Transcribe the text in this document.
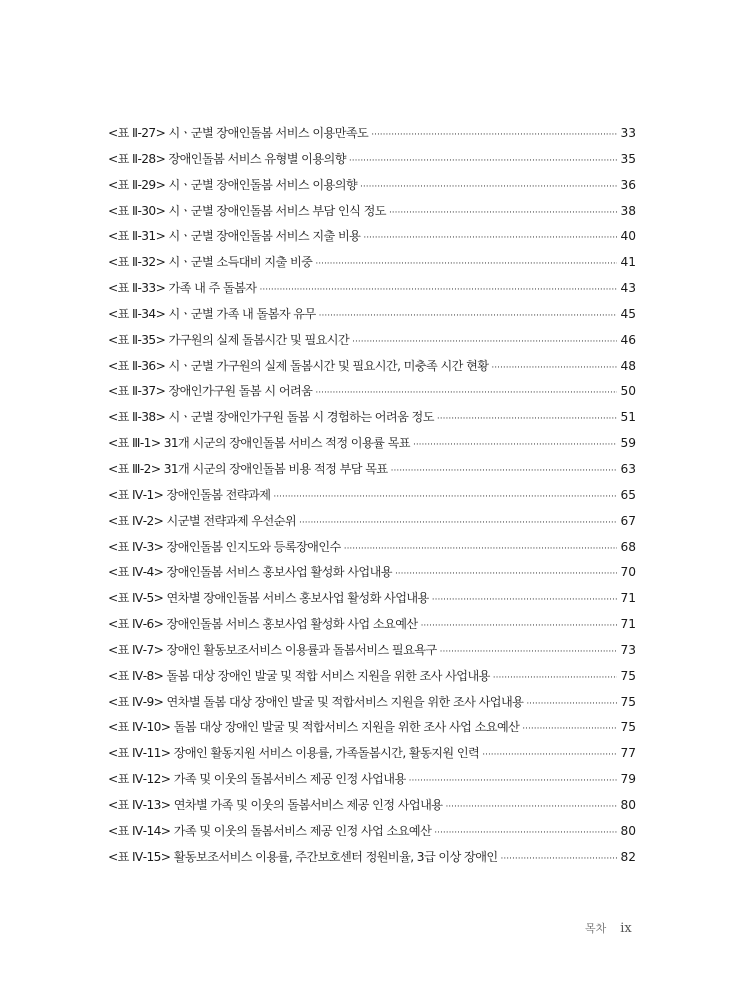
<표 Ⅱ-27> 시ㆍ군별 장애인돌봄 서비스 이용만족도 ·····	33
<표 Ⅱ-28> 장애인돌봄 서비스 유형별 이용의향 ·····	35
<표 Ⅱ-29> 시ㆍ군별 장애인돌봄 서비스 이용의향 ·····	36
<표 Ⅱ-30> 시ㆍ군별 장애인돌봄 서비스 부담 인식 정도 ·····	38
<표 Ⅱ-31> 시ㆍ군별 장애인돌봄 서비스 지출 비용 ·····	40
<표 Ⅱ-32> 시ㆍ군별 소득대비 지출 비중 ·····	41
<표 Ⅱ-33> 가족 내 주 돌봄자 ·····	43
<표 Ⅱ-34> 시ㆍ군별 가족 내 돌봄자 유무 ·····	45
<표 Ⅱ-35> 가구원의 실제 돌봄시간 및 필요시간 ·····	46
<표 Ⅱ-36> 시ㆍ군별 가구원의 실제 돌봄시간 및 필요시간, 미충족 시간 현황 ·····	48
<표 Ⅱ-37> 장애인가구원 돌봄 시 어려움 ·····	50
<표 Ⅱ-38> 시ㆍ군별 장애인가구원 돌봄 시 경험하는 어려움 정도 ·····	51
<표 Ⅲ-1> 31개 시군의 장애인돌봄 서비스 적정 이용률 목표 ·····	59
<표 Ⅲ-2> 31개 시군의 장애인돌봄 비용 적정 부담 목표 ·····	63
<표 Ⅳ-1> 장애인돌봄 전략과제 ·····	65
<표 Ⅳ-2> 시군별 전략과제 우선순위 ·····	67
<표 Ⅳ-3> 장애인돌봄 인지도와 등록장애인수 ·····	68
<표 Ⅳ-4> 장애인돌봄 서비스 홍보사업 활성화 사업내용 ·····	70
<표 Ⅳ-5> 연차별 장애인돌봄 서비스 홍보사업 활성화 사업내용 ·····	71
<표 Ⅳ-6> 장애인돌봄 서비스 홍보사업 활성화 사업 소요예산 ·····	71
<표 Ⅳ-7> 장애인 활동보조서비스 이용률과 돌봄서비스 필요욕구 ·····	73
<표 Ⅳ-8> 돌봄 대상 장애인 발굴 및 적합 서비스 지원을 위한 조사 사업내용 ·····	75
<표 Ⅳ-9> 연차별 돌봄 대상 장애인 발굴 및 적합서비스 지원을 위한 조사 사업내용 ·····	75
<표 Ⅳ-10> 돌봄 대상 장애인 발굴 및 적합서비스 지원을 위한 조사 사업 소요예산 ·····	75
<표 Ⅳ-11> 장애인 활동지원 서비스 이용률, 가족돌봄시간, 활동지원 인력 ·····	77
<표 Ⅳ-12> 가족 및 이웃의 돌봄서비스 제공 인정 사업내용 ·····	79
<표 Ⅳ-13> 연차별 가족 및 이웃의 돌봄서비스 제공 인정 사업내용 ·····	80
<표 Ⅳ-14> 가족 및 이웃의 돌봄서비스 제공 인정 사업 소요예산 ·····	80
<표 Ⅳ-15> 활동보조서비스 이용률, 주간보호센터 정원비율, 3급 이상 장애인 ·····	82
목차 ix
